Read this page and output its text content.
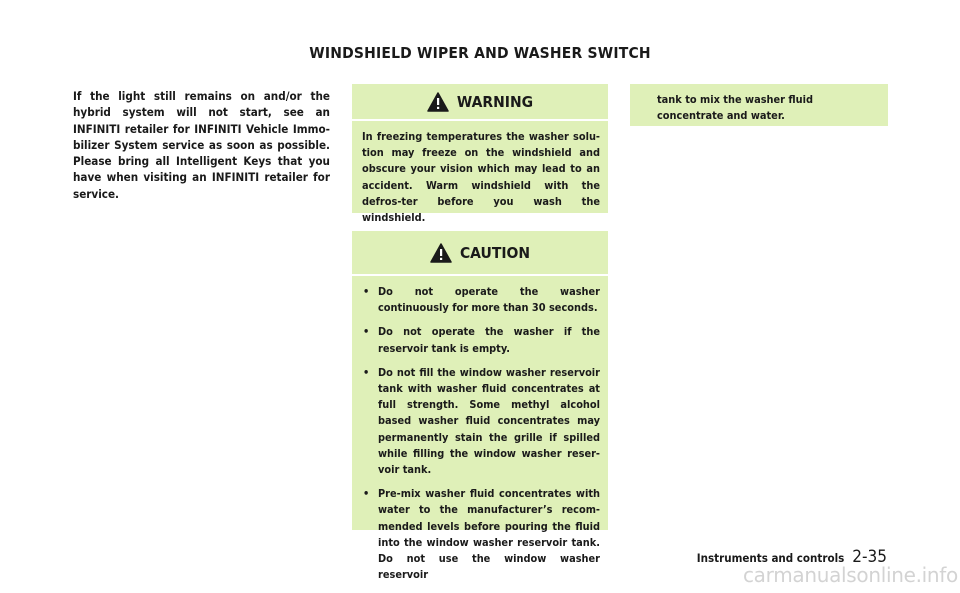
WINDSHIELD WIPER AND WASHER SWITCH

If the light still remains on and/or the hybrid system will not start, see an INFINITI retailer for INFINITI Vehicle Immo-bilizer System service as soon as possible. Please bring all Intelligent Keys that you have when visiting an INFINITI retailer for service.

WARNING
In freezing temperatures the washer solu-tion may freeze on the windshield and obscure your vision which may lead to an accident. Warm windshield with the defros-ter before you wash the windshield.
CAUTION
• Do not operate the washer continuously for more than 30 seconds.
• Do not operate the washer if the reservoir tank is empty.
• Do not fill the window washer reservoir tank with washer fluid concentrates at full strength. Some methyl alcohol based washer fluid concentrates may permanently stain the grille if spilled while filling the window washer reser-voir tank.
• Pre-mix washer fluid concentrates with water to the manufacturer’s recom-mended levels before pouring the fluid into the window washer reservoir tank. Do not use the window washer reservoir
tank to mix the washer fluid concentrate and water.
Instruments and controls 2-35
carmanualsonline.info
